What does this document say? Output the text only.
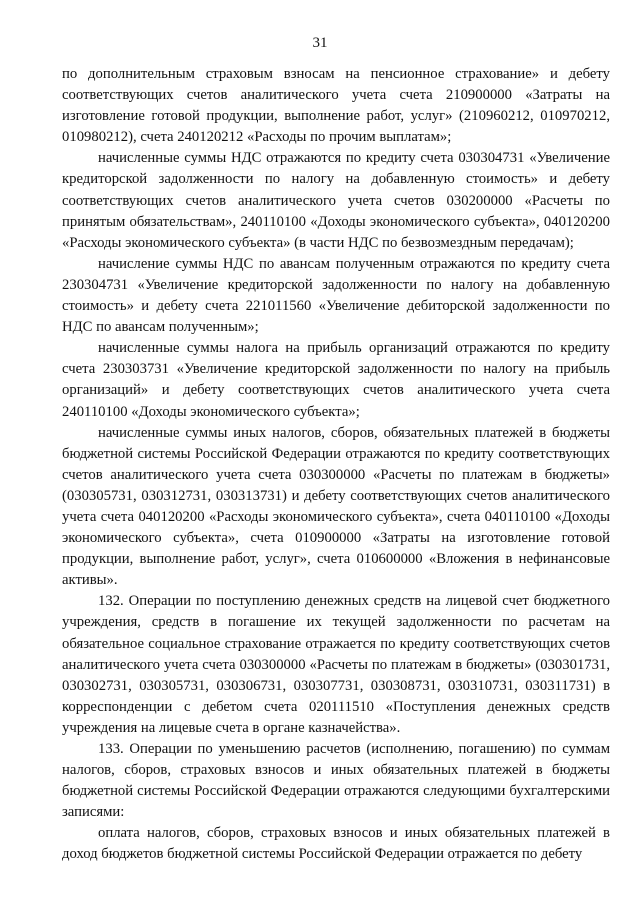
31

по дополнительным страховым взносам на пенсионное страхование» и дебету соответствующих счетов аналитического учета счета 210900000 «Затраты на изготовление готовой продукции, выполнение работ, услуг» (210960212, 010970212, 010980212), счета 240120212 «Расходы по прочим выплатам»;

начисленные суммы НДС отражаются по кредиту счета 030304731 «Увеличение кредиторской задолженности по налогу на добавленную стоимость» и дебету соответствующих счетов аналитического учета счетов 030200000 «Расчеты по принятым обязательствам», 240110100 «Доходы экономического субъекта», 040120200 «Расходы экономического субъекта» (в части НДС по безвозмездным передачам);

начисление суммы НДС по авансам полученным отражаются по кредиту счета 230304731 «Увеличение кредиторской задолженности по налогу на добавленную стоимость» и дебету счета 221011560 «Увеличение дебиторской задолженности по НДС по авансам полученным»;

начисленные суммы налога на прибыль организаций отражаются по кредиту счета 230303731 «Увеличение кредиторской задолженности по налогу на прибыль организаций» и дебету соответствующих счетов аналитического учета счета 240110100 «Доходы экономического субъекта»;

начисленные суммы иных налогов, сборов, обязательных платежей в бюджеты бюджетной системы Российской Федерации отражаются по кредиту соответствующих счетов аналитического учета счета 030300000 «Расчеты по платежам в бюджеты» (030305731, 030312731, 030313731) и дебету соответствующих счетов аналитического учета счета 040120200 «Расходы экономического субъекта», счета 040110100 «Доходы экономического субъекта», счета 010900000 «Затраты на изготовление готовой продукции, выполнение работ, услуг», счета 010600000 «Вложения в нефинансовые активы».

132. Операции по поступлению денежных средств на лицевой счет бюджетного учреждения, средств в погашение их текущей задолженности по расчетам на обязательное социальное страхование отражается по кредиту соответствующих счетов аналитического учета счета 030300000 «Расчеты по платежам в бюджеты» (030301731, 030302731, 030305731, 030306731, 030307731, 030308731, 030310731, 030311731) в корреспонденции с дебетом счета 020111510 «Поступления денежных средств учреждения на лицевые счета в органе казначейства».

133. Операции по уменьшению расчетов (исполнению, погашению) по суммам налогов, сборов, страховых взносов и иных обязательных платежей в бюджеты бюджетной системы Российской Федерации отражаются следующими бухгалтерскими записями:

оплата налогов, сборов, страховых взносов и иных обязательных платежей в доход бюджетов бюджетной системы Российской Федерации отражается по дебету
